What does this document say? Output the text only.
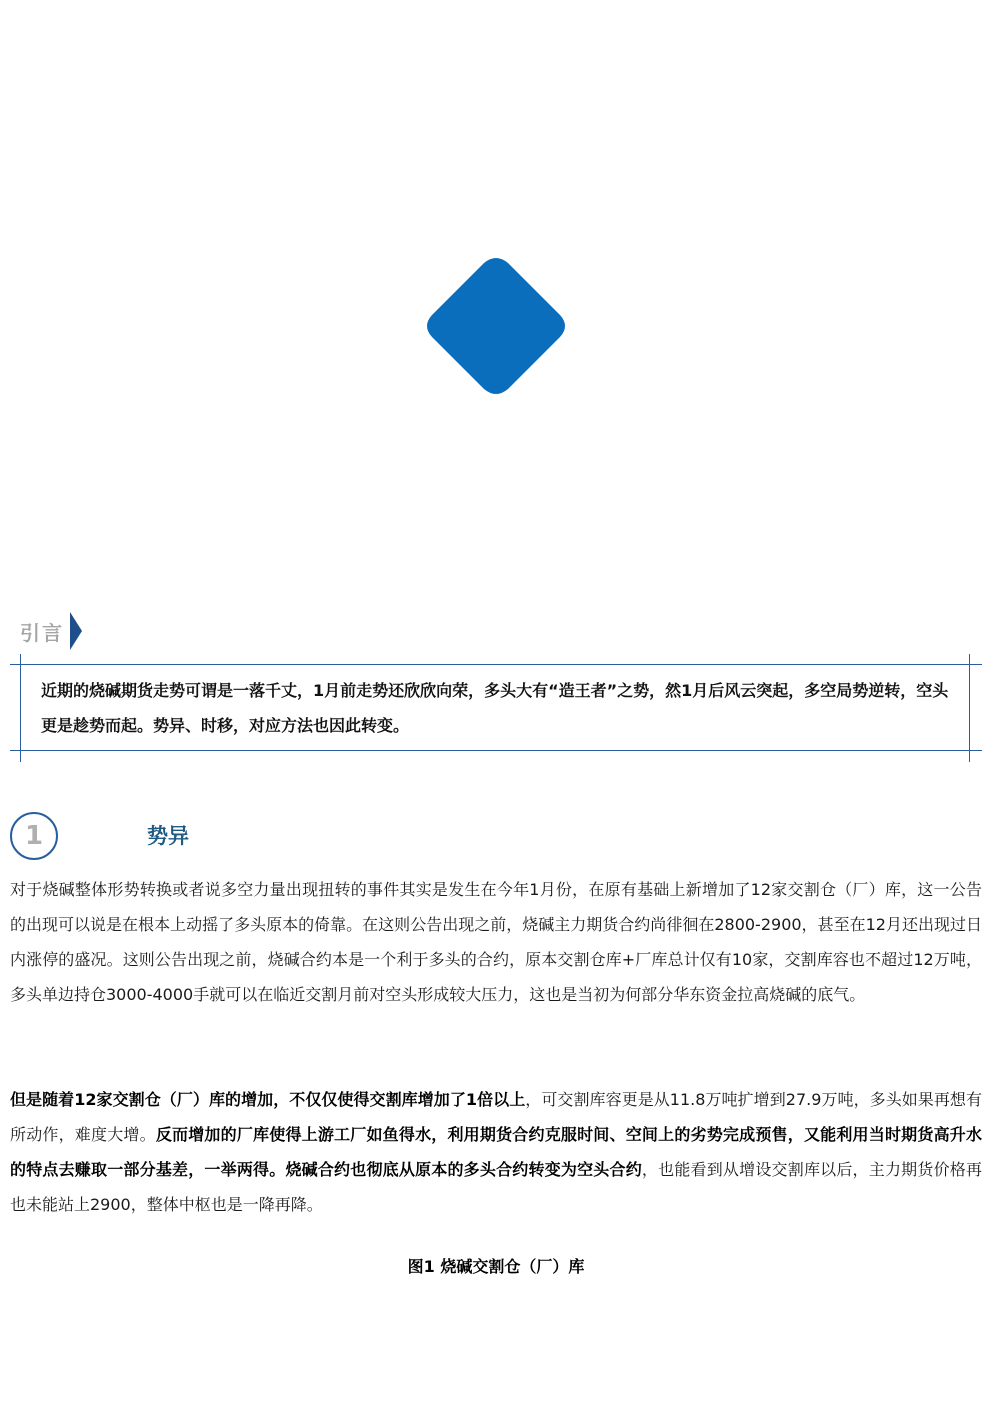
引言

近期的烧碱期货走势可谓是一落千丈，1月前走势还欣欣向荣，多头大有“造王者”之势，然1月后风云突起，多空局势逆转，空头更是趁势而起。势异、时移，对应方法也因此转变。

1	势异

对于烧碱整体形势转换或者说多空力量出现扭转的事件其实是发生在今年1月份，在原有基础上新增加了12家交割仓（厂）库，这一公告的出现可以说是在根本上动摇了多头原本的倚靠。在这则公告出现之前，烧碱主力期货合约尚徘徊在2800-2900，甚至在12月还出现过日内涨停的盛况。这则公告出现之前，烧碱合约本是一个利于多头的合约，原本交割仓库+厂库总计仅有10家，交割库容也不超过12万吨，多头单边持仓3000-4000手就可以在临近交割月前对空头形成较大压力，这也是当初为何部分华东资金拉高烧碱的底气。

但是随着12家交割仓（厂）库的增加，不仅仅使得交割库增加了1倍以上，可交割库容更是从11.8万吨扩增到27.9万吨，多头如果再想有所动作，难度大增。反而增加的厂库使得上游工厂如鱼得水，利用期货合约克服时间、空间上的劣势完成预售，又能利用当时期货高升水的特点去赚取一部分基差，一举两得。烧碱合约也彻底从原本的多头合约转变为空头合约，也能看到从增设交割库以后，主力期货价格再也未能站上2900，整体中枢也是一降再降。

图1 烧碱交割仓（厂）库
